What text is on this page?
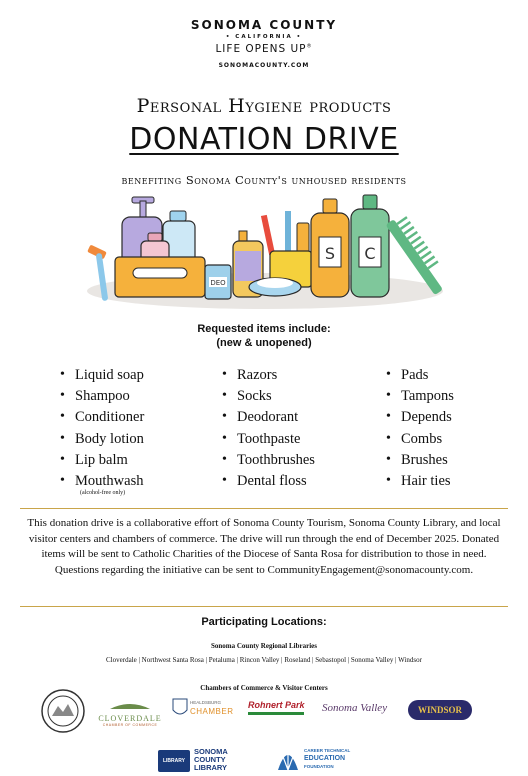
SONOMA COUNTY
• CALIFORNIA •
LIFE OPENS UP®
SONOMACOUNTY.COM
Personal Hygiene products
DONATION DRIVE
benefiting Sonoma County's unhoused residents
DEO
S C
Requested items include:
(new & unopened)
• Liquid soap
• Shampoo
• Conditioner
• Body lotion
• Lip balm
• Mouthwash
(alcohol-free only)
• Razors
• Socks
• Deodorant
• Toothpaste
• Toothbrushes
• Dental floss
• Pads
• Tampons
• Depends
• Combs
• Brushes
• Hair ties

This donation drive is a collaborative effort of Sonoma County Tourism, Sonoma County Library, and local visitor centers and chambers of commerce. The drive will run through the end of December 2025. Donated items will be sent to Catholic Charities of the Diocese of Santa Rosa for distribution to those in need. Questions regarding the initiative can be sent to CommunityEngagement@sonomacounty.com.

Participating Locations:
Sonoma County Regional Libraries
Cloverdale | Northwest Santa Rosa | Petaluma | Rincon Valley | Roseland | Sebastopol | Sonoma Valley | Windsor
Chambers of Commerce & Visitor Centers
CLOVERDALE
CHAMBER OF COMMERCE
HEALDSBURG
CHAMBER
Rohnert Park	Sonoma Valley	WINDSOR
LIBRARY
SONOMA
COUNTY
LIBRARY
CAREER TECHNICAL
EDUCATION
FOUNDATION
